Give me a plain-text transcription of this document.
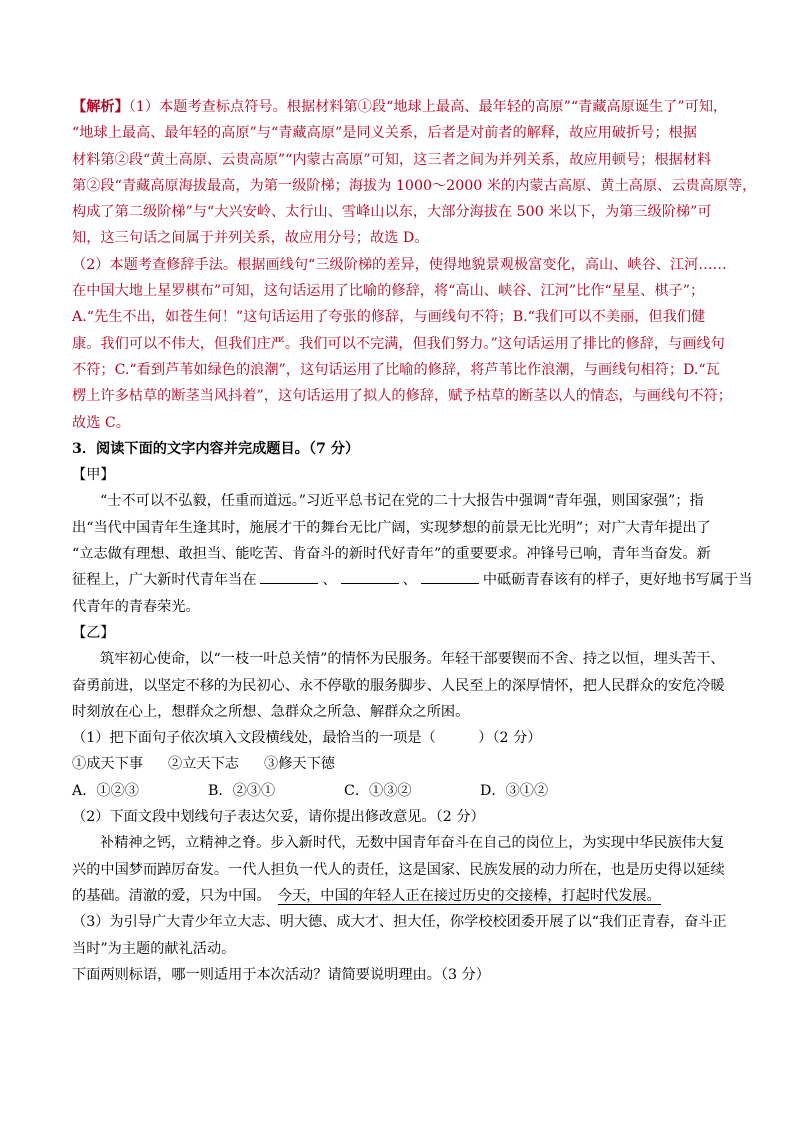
【解析】（1）本题考查标点符号。根据材料第①段“地球上最高、最年轻的高原”“青藏高原诞生了”可知，
“地球上最高、最年轻的高原”与“青藏高原”是同义关系，后者是对前者的解释，故应用破折号；根据
材料第②段“黄土高原、云贵高原”“内蒙古高原”可知，这三者之间为并列关系，故应用顿号；根据材料
第②段“青藏高原海拔最高，为第一级阶梯；海拔为 1000～2000 米的内蒙古高原、黄土高原、云贵高原等，
构成了第二级阶梯”与“大兴安岭、太行山、雪峰山以东，大部分海拔在 500 米以下，为第三级阶梯”可
知，这三句话之间属于并列关系，故应用分号；故选 D。
（2）本题考查修辞手法。根据画线句“三级阶梯的差异，使得地貌景观极富变化，高山、峡谷、江河……
在中国大地上星罗棋布”可知，这句话运用了比喻的修辞，将“高山、峡谷、江河”比作“星星、棋子”；
A.“先生不出，如苍生何！”这句话运用了夸张的修辞，与画线句不符；B.“我们可以不美丽，但我们健
康。我们可以不伟大，但我们庄严。我们可以不完满，但我们努力。”这句话运用了排比的修辞，与画线句
不符；C.“看到芦苇如绿色的浪潮”，这句话运用了比喻的修辞，将芦苇比作浪潮，与画线句相符；D.“瓦
楞上许多枯草的断茎当风抖着”，这句话运用了拟人的修辞，赋予枯草的断茎以人的情态，与画线句不符；
故选 C。
3．阅读下面的文字内容并完成题目。（7 分）
【甲】
“士不可以不弘毅，任重而道远。”习近平总书记在党的二十大报告中强调“青年强，则国家强”；指
出“当代中国青年生逢其时，施展才干的舞台无比广阔，实现梦想的前景无比光明”；对广大青年提出了
“立志做有理想、敢担当、能吃苦、肯奋斗的新时代好青年”的重要要求。冲锋号已响，青年当奋发。新
征程上，广大新时代青年当在	、	、	中砥砺青春该有的样子，更好地书写属于当
代青年的青春荣光。
【乙】
筑牢初心使命，以“一枝一叶总关情”的情怀为民服务。年轻干部要锲而不舍、持之以恒，埋头苦干、
奋勇前进，以坚定不移的为民初心、永不停歇的服务脚步、人民至上的深厚情怀，把人民群众的安危冷暖
时刻放在心上，想群众之所想、急群众之所急、解群众之所困。
（1）把下面句子依次填入文段横线处，最恰当的一项是（　　　）（2 分）
①成天下事 ②立天下志 ③修天下德
A．①②③	B．②③①	C．①③②	D．③①②
（2）下面文段中划线句子表达欠妥，请你提出修改意见。（2 分）
补精神之钙，立精神之脊。步入新时代，无数中国青年奋斗在自己的岗位上，为实现中华民族伟大复
兴的中国梦而踔厉奋发。一代人担负一代人的责任，这是国家、民族发展的动力所在，也是历史得以延续
的基础。清澈的爱，只为中国。　 今天，中国的年轻人正在接过历史的交接棒，打起时代发展。
（3）为引导广大青少年立大志、明大德、成大才、担大任，你学校校团委开展了以“我们正青春，奋斗正
当时”为主题的献礼活动。
下面两则标语，哪一则适用于本次活动？请简要说明理由。（3 分）
